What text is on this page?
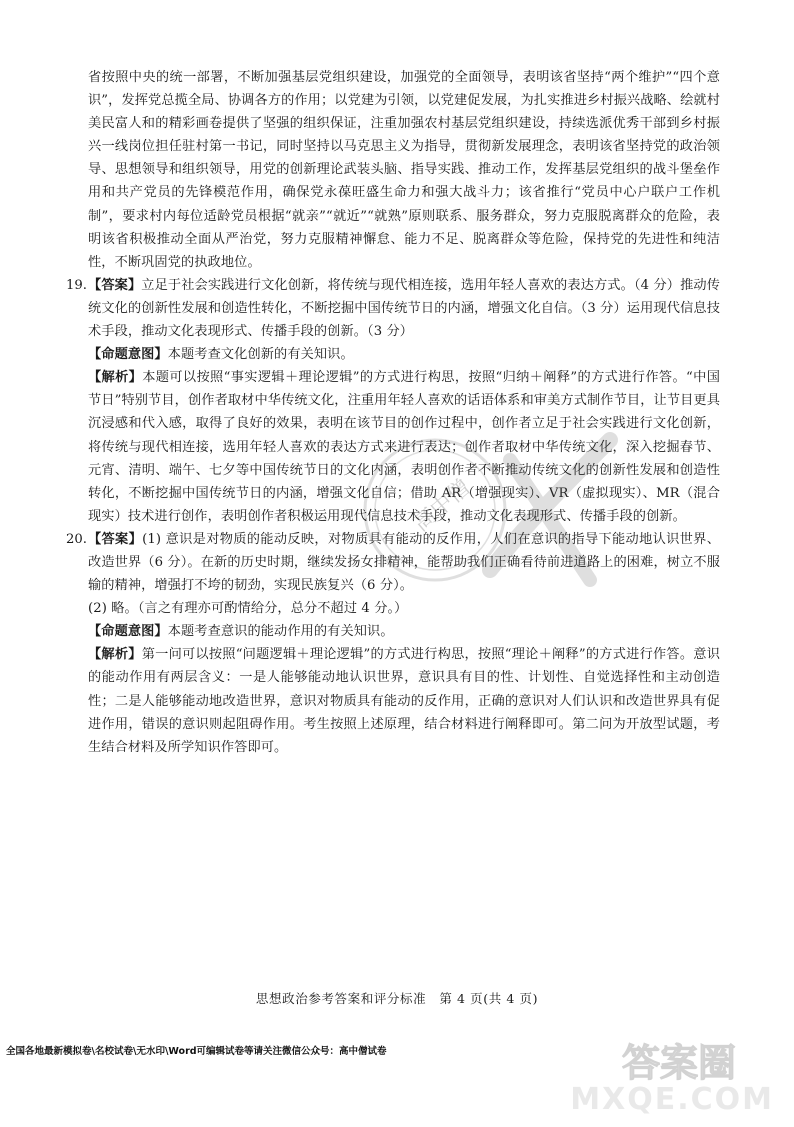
省按照中央的统一部署，不断加强基层党组织建设，加强党的全面领导，表明该省坚持“两个维护”“四个意识”，发挥党总揽全局、协调各方的作用；以党建为引领，以党建促发展，为扎实推进乡村振兴战略、绘就村美民富人和的精彩画卷提供了坚强的组织保证，注重加强农村基层党组织建设，持续选派优秀干部到乡村振兴一线岗位担任驻村第一书记，同时坚持以马克思主义为指导，贯彻新发展理念，表明该省坚持党的政治领导、思想领导和组织领导，用党的创新理论武装头脑、指导实践、推动工作，发挥基层党组织的战斗堡垒作用和共产党员的先锋模范作用，确保党永葆旺盛生命力和强大战斗力；该省推行“党员中心户联户工作机制”，要求村内每位适龄党员根据“就亲”“就近”“就熟”原则联系、服务群众，努力克服脱离群众的危险，表明该省积极推动全面从严治党，努力克服精神懈怠、能力不足、脱离群众等危险，保持党的先进性和纯洁性，不断巩固党的执政地位。

19. 【答案】立足于社会实践进行文化创新，将传统与现代相连接，选用年轻人喜欢的表达方式。（4 分）推动传统文化的创新性发展和创造性转化，不断挖掘中国传统节日的内涵，增强文化自信。（3 分）运用现代信息技术手段，推动文化表现形式、传播手段的创新。（3 分）

【命题意图】本题考查文化创新的有关知识。

【解析】本题可以按照“事实逻辑＋理论逻辑”的方式进行构思，按照“归纳＋阐释”的方式进行作答。“中国节日”特别节目，创作者取材中华传统文化，注重用年轻人喜欢的话语体系和审美方式制作节目，让节目更具沉浸感和代入感，取得了良好的效果，表明在该节目的创作过程中，创作者立足于社会实践进行文化创新，将传统与现代相连接，选用年轻人喜欢的表达方式来进行表达；创作者取材中华传统文化，深入挖掘春节、元宵、清明、端午、七夕等中国传统节日的文化内涵，表明创作者不断推动传统文化的创新性发展和创造性转化，不断挖掘中国传统节日的内涵，增强文化自信；借助 AR（增强现实）、VR（虚拟现实）、MR（混合现实）技术进行创作，表明创作者积极运用现代信息技术手段，推动文化表现形式、传播手段的创新。

20. 【答案】(1) 意识是对物质的能动反映，对物质具有能动的反作用，人们在意识的指导下能动地认识世界、改造世界（6 分）。在新的历史时期，继续发扬女排精神，能帮助我们正确看待前进道路上的困难，树立不服输的精神，增强打不垮的韧劲，实现民族复兴（6 分）。

(2) 略。（言之有理亦可酌情给分，总分不超过 4 分。）

【命题意图】本题考查意识的能动作用的有关知识。

【解析】第一问可以按照“问题逻辑＋理论逻辑”的方式进行构思，按照“理论＋阐释”的方式进行作答。意识的能动作用有两层含义：一是人能够能动地认识世界，意识具有目的性、计划性、自觉选择性和主动创造性；二是人能够能动地改造世界，意识对物质具有能动的反作用，正确的意识对人们认识和改造世界具有促进作用，错误的意识则起阻碍作用。考生按照上述原理，结合材料进行阐释即可。第二问为开放型试题，考生结合材料及所学知识作答即可。

高中僧
思想政治参考答案和评分标准　第 4 页(共 4 页)
全国各地最新模拟卷\名校试卷\无水印\Word可编辑试卷等请关注微信公众号：高中僧试卷	答案圈
MXQE.COM
